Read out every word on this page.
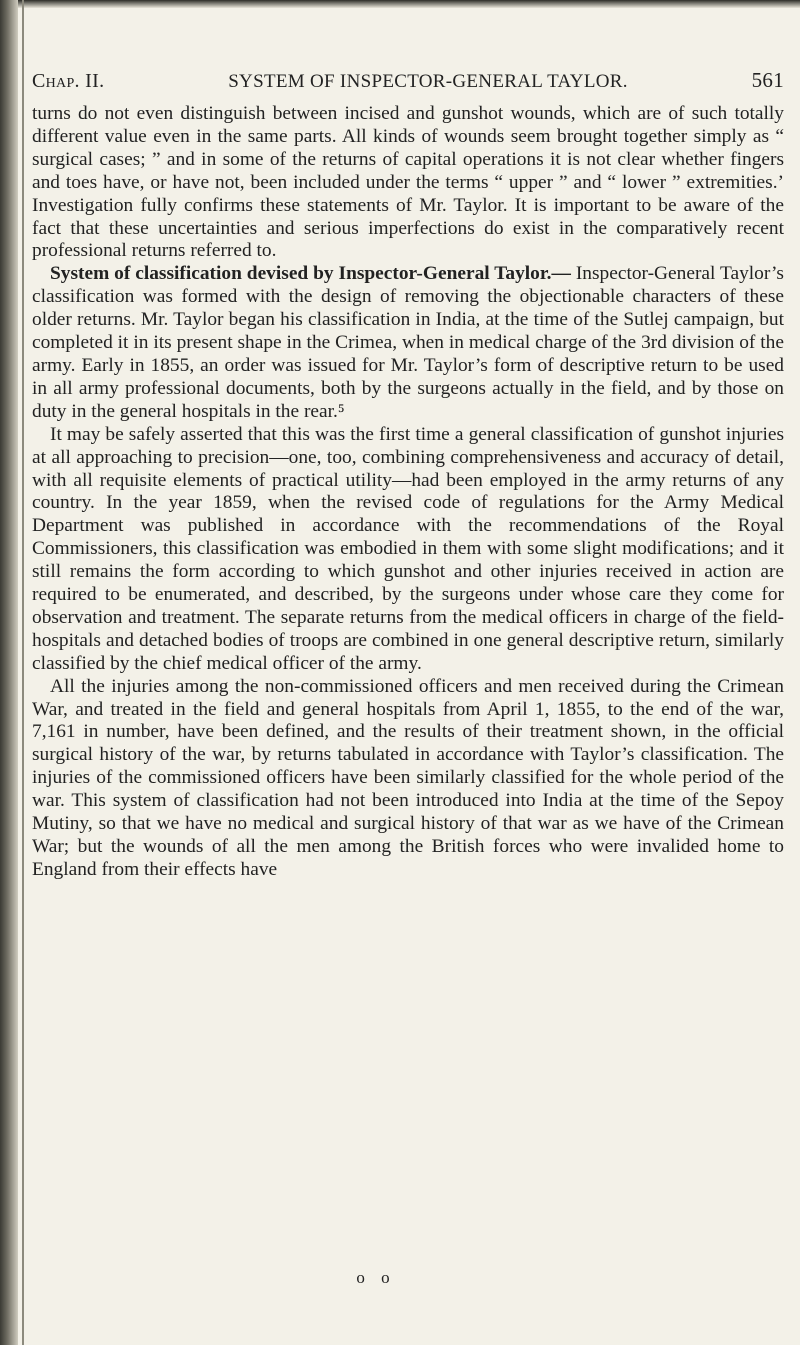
Chap. II.	SYSTEM OF INSPECTOR-GENERAL TAYLOR.	561

turns do not even distinguish between incised and gunshot wounds, which are of such totally different value even in the same parts. All kinds of wounds seem brought together simply as “ surgical cases; ” and in some of the returns of capital operations it is not clear whether fingers and toes have, or have not, been included under the terms “ upper ” and “ lower ” extremities.’ Investigation fully confirms these statements of Mr. Taylor. It is important to be aware of the fact that these uncertainties and serious imperfections do exist in the comparatively recent professional returns referred to.

System of classification devised by Inspector-General Taylor.— Inspector-General Taylor’s classification was formed with the design of removing the objectionable characters of these older returns. Mr. Taylor began his classification in India, at the time of the Sutlej campaign, but completed it in its present shape in the Crimea, when in medical charge of the 3rd division of the army. Early in 1855, an order was issued for Mr. Taylor’s form of descriptive return to be used in all army professional documents, both by the surgeons actually in the field, and by those on duty in the general hospitals in the rear.⁵

It may be safely asserted that this was the first time a general classification of gunshot injuries at all approaching to precision—one, too, combining comprehensiveness and accuracy of detail, with all requisite elements of practical utility—had been employed in the army returns of any country. In the year 1859, when the revised code of regulations for the Army Medical Department was published in accordance with the recommendations of the Royal Commissioners, this classification was embodied in them with some slight modifications; and it still remains the form according to which gunshot and other injuries received in action are required to be enumerated, and described, by the surgeons under whose care they come for observation and treatment. The separate returns from the medical officers in charge of the field-hospitals and detached bodies of troops are combined in one general descriptive return, similarly classified by the chief medical officer of the army.

All the injuries among the non-commissioned officers and men received during the Crimean War, and treated in the field and general hospitals from April 1, 1855, to the end of the war, 7,161 in number, have been defined, and the results of their treatment shown, in the official surgical history of the war, by returns tabulated in accordance with Taylor’s classification. The injuries of the commissioned officers have been similarly classified for the whole period of the war. This system of classification had not been introduced into India at the time of the Sepoy Mutiny, so that we have no medical and surgical history of that war as we have of the Crimean War; but the wounds of all the men among the British forces who were invalided home to England from their effects have

o o
